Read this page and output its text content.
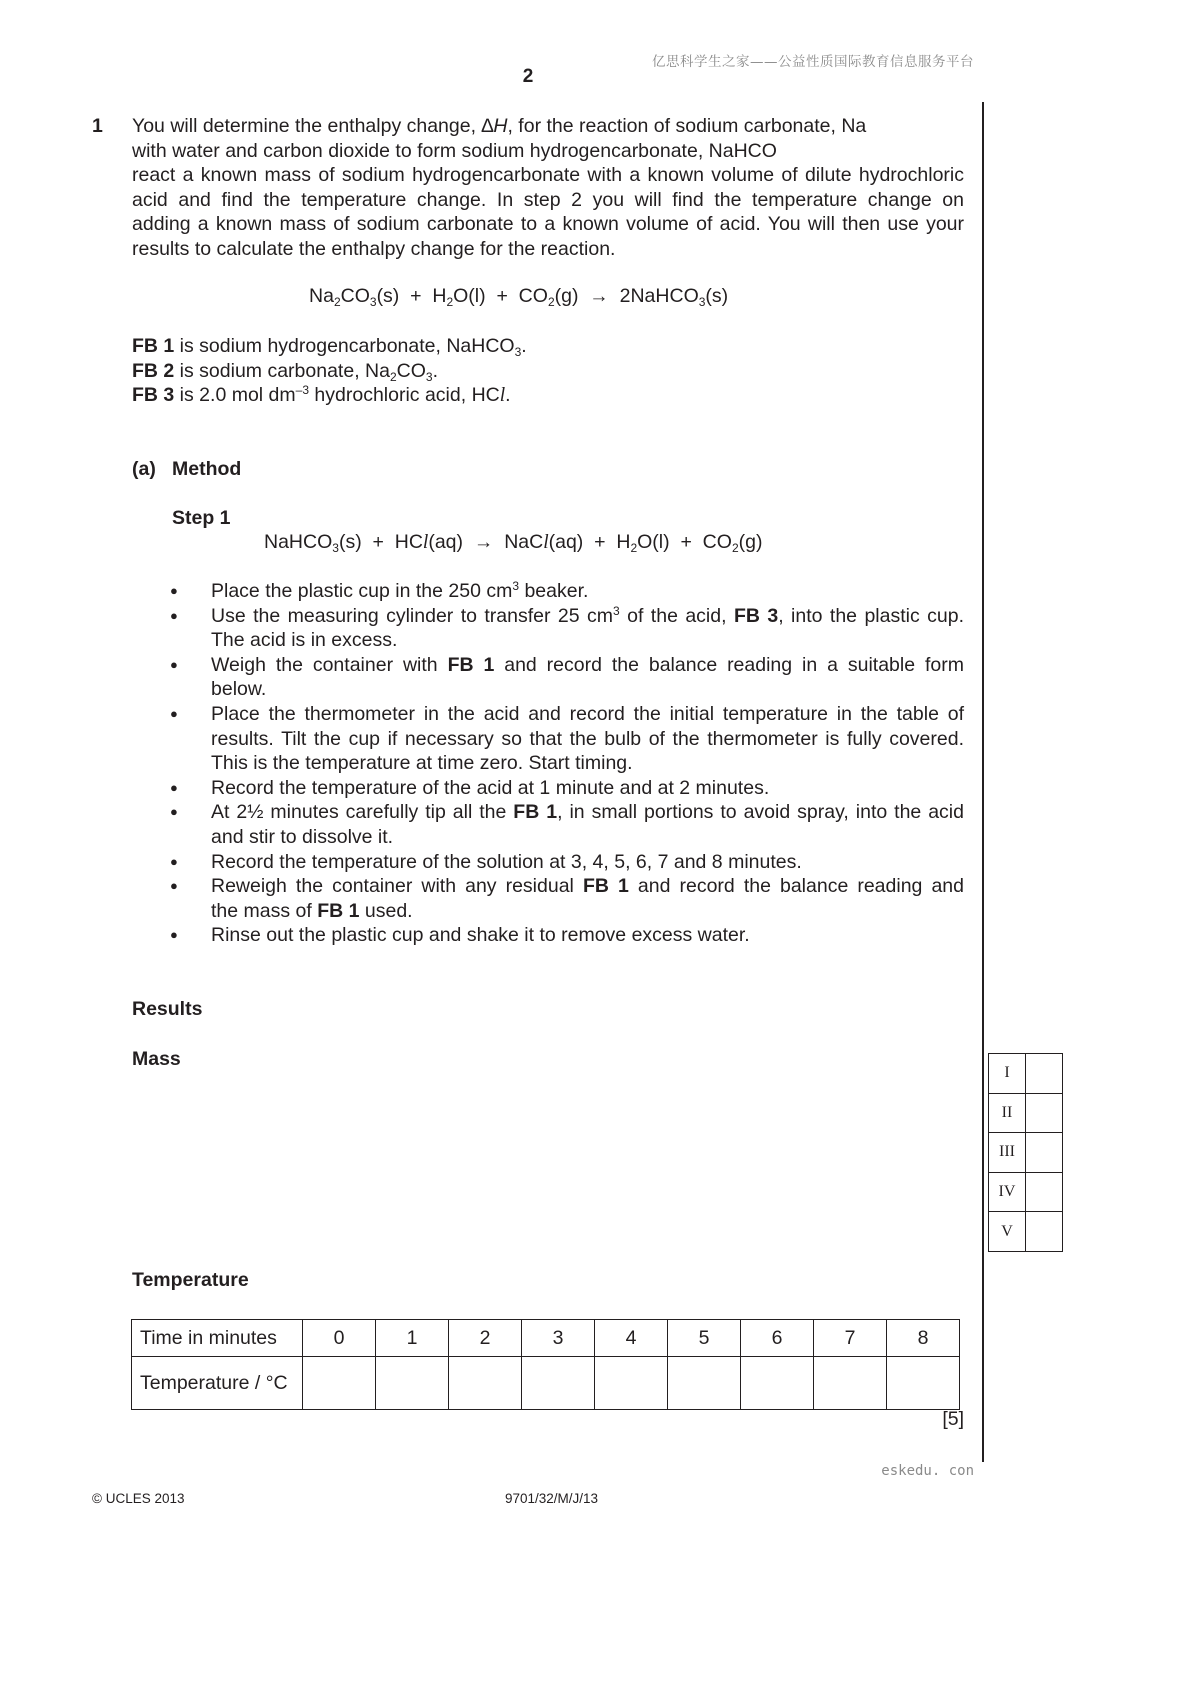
亿思科学生之家——公益性质国际教育信息服务平台
2
1 You will determine the enthalpy change, ∆H, for the reaction of sodium carbonate, Na
with water and carbon dioxide to form sodium hydrogencarbonate, NaHCO
react a known mass of sodium hydrogencarbonate with a known volume of dilute hydrochloric
acid and find the temperature change. In step 2 you will find the temperature change on
adding a known mass of sodium carbonate to a known volume of acid. You will then use your
results to calculate the enthalpy change for the reaction.
$Na_2CO_3(s) + H_2O(l) + CO_2(g)$  →  2NaHCO$_3$(s)
FB 1 is sodium hydrogencarbonate, NaHCO$_3$.
FB 2 is sodium carbonate, $Na_2CO_3$.
FB 3 is 2.0 mol $dm^{-3}$ hydrochloric acid, HCl.
(a) Method
Step 1
NaHCO$_3$(s)  +  HCl(aq)  →  NaCl(aq)  +  $H_2O(l) + CO_2(g)$
● Place the plastic cup in the 250 $cm^3$ beaker.
● Use the measuring cylinder to transfer 25 $cm^3$ of the acid, FB 3, into the plastic cup.
The acid is in excess.
● Weigh the container with FB 1 and record the balance reading in a suitable form
below.
● Place the thermometer in the acid and record the initial temperature in the table of
results. Tilt the cup if necessary so that the bulb of the thermometer is fully covered.
This is the temperature at time zero. Start timing.
● Record the temperature of the acid at 1 minute and at 2 minutes.
● At 2½ minutes carefully tip all the FB 1, in small portions to avoid spray, into the acid
and stir to dissolve it.
● Record the temperature of the solution at 3, 4, 5, 6, 7 and 8 minutes.
● Reweigh the container with any residual FB 1 and record the balance reading and
the mass of FB 1 used.
● Rinse out the plastic cup and shake it to remove excess water.
Results
Mass
I	
II	
III	
IV	
V	
Temperature
Time in minutes	0	1	2	3	4	5	6	7	8
Temperature / °C									
[5]
eskedu. con
© UCLES 2013	9701/32/M/J/13
